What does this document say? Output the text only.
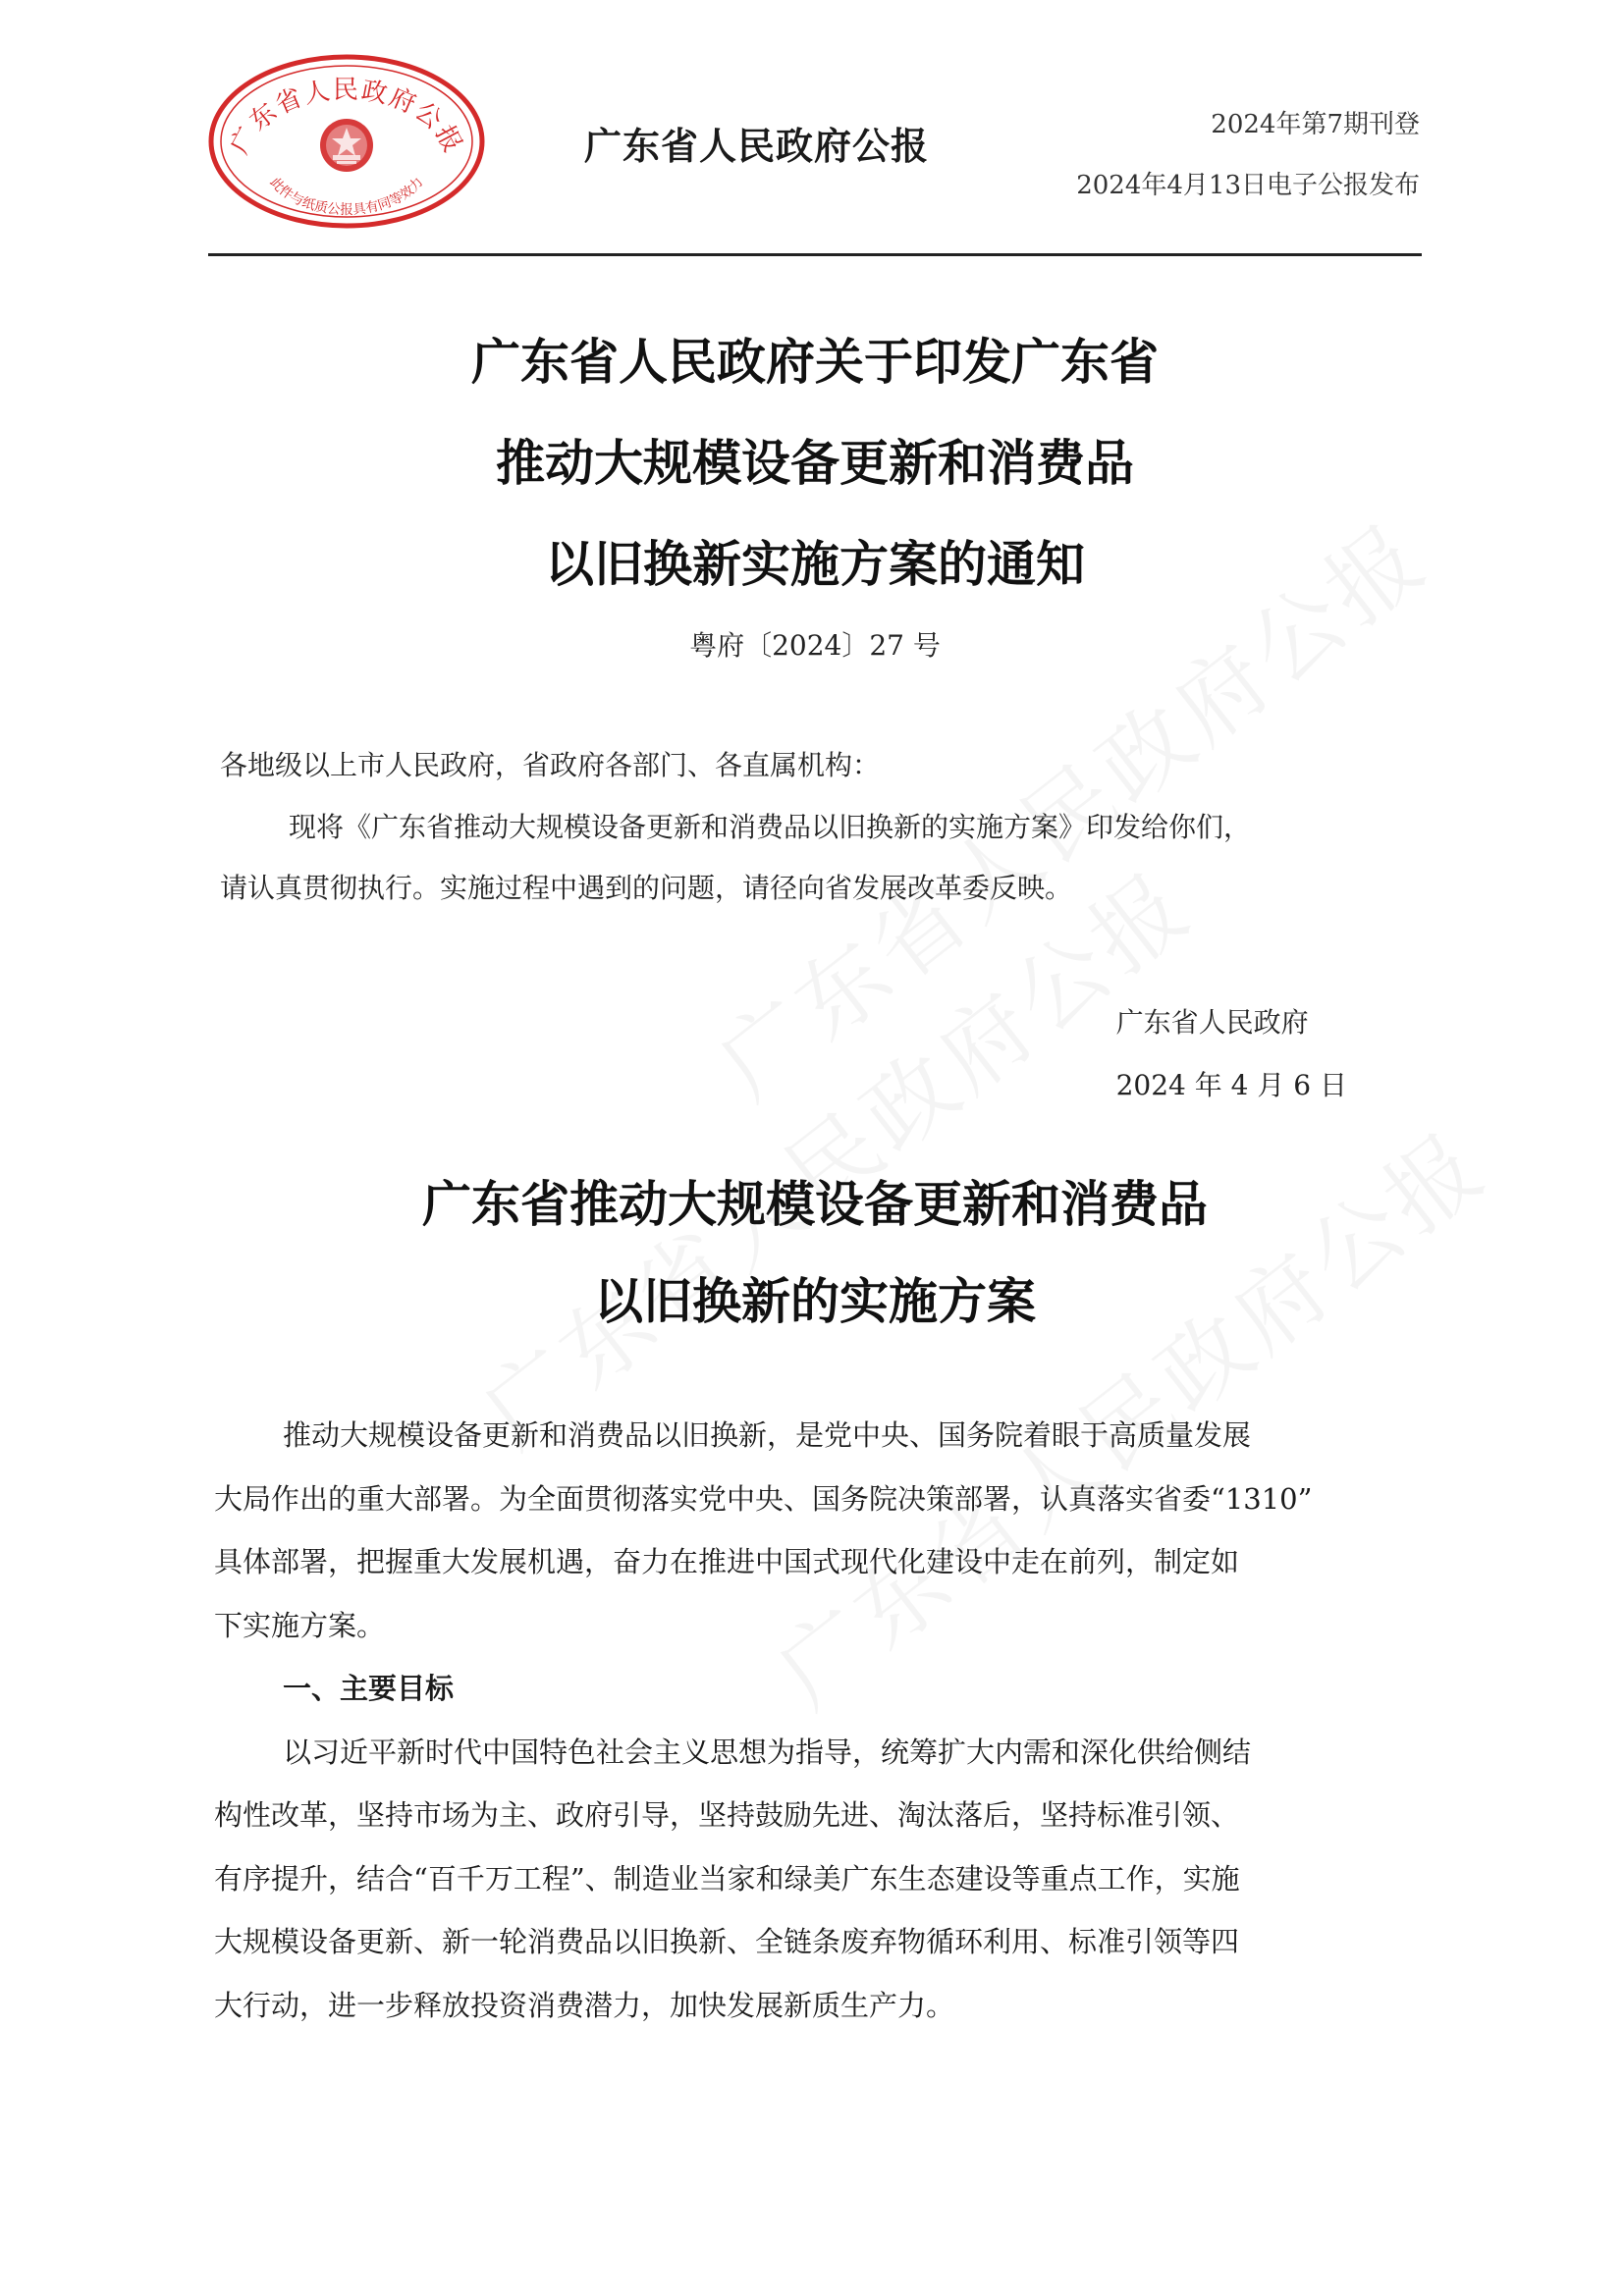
广东省人民政府公报
此件与纸质公报具有同等效力
广东省人民政府公报	2024年第7期刊登
2024年4月13日电子公报发布
广东省人民政府关于印发广东省
推动大规模设备更新和消费品
以旧换新实施方案的通知
粤府〔2024〕27 号
各地级以上市人民政府，省政府各部门、各直属机构：
现将《广东省推动大规模设备更新和消费品以旧换新的实施方案》印发给你们，
请认真贯彻执行。实施过程中遇到的问题，请径向省发展改革委反映。
广东省人民政府
2024 年 4 月 6 日
广东省推动大规模设备更新和消费品
以旧换新的实施方案
推动大规模设备更新和消费品以旧换新，是党中央、国务院着眼于高质量发展
大局作出的重大部署。为全面贯彻落实党中央、国务院决策部署，认真落实省委“1310”
具体部署，把握重大发展机遇，奋力在推进中国式现代化建设中走在前列，制定如
下实施方案。
一、主要目标
以习近平新时代中国特色社会主义思想为指导，统筹扩大内需和深化供给侧结
构性改革，坚持市场为主、政府引导，坚持鼓励先进、淘汰落后，坚持标准引领、
有序提升，结合“百千万工程”、制造业当家和绿美广东生态建设等重点工作，实施
大规模设备更新、新一轮消费品以旧换新、全链条废弃物循环利用、标准引领等四
大行动，进一步释放投资消费潜力，加快发展新质生产力。
